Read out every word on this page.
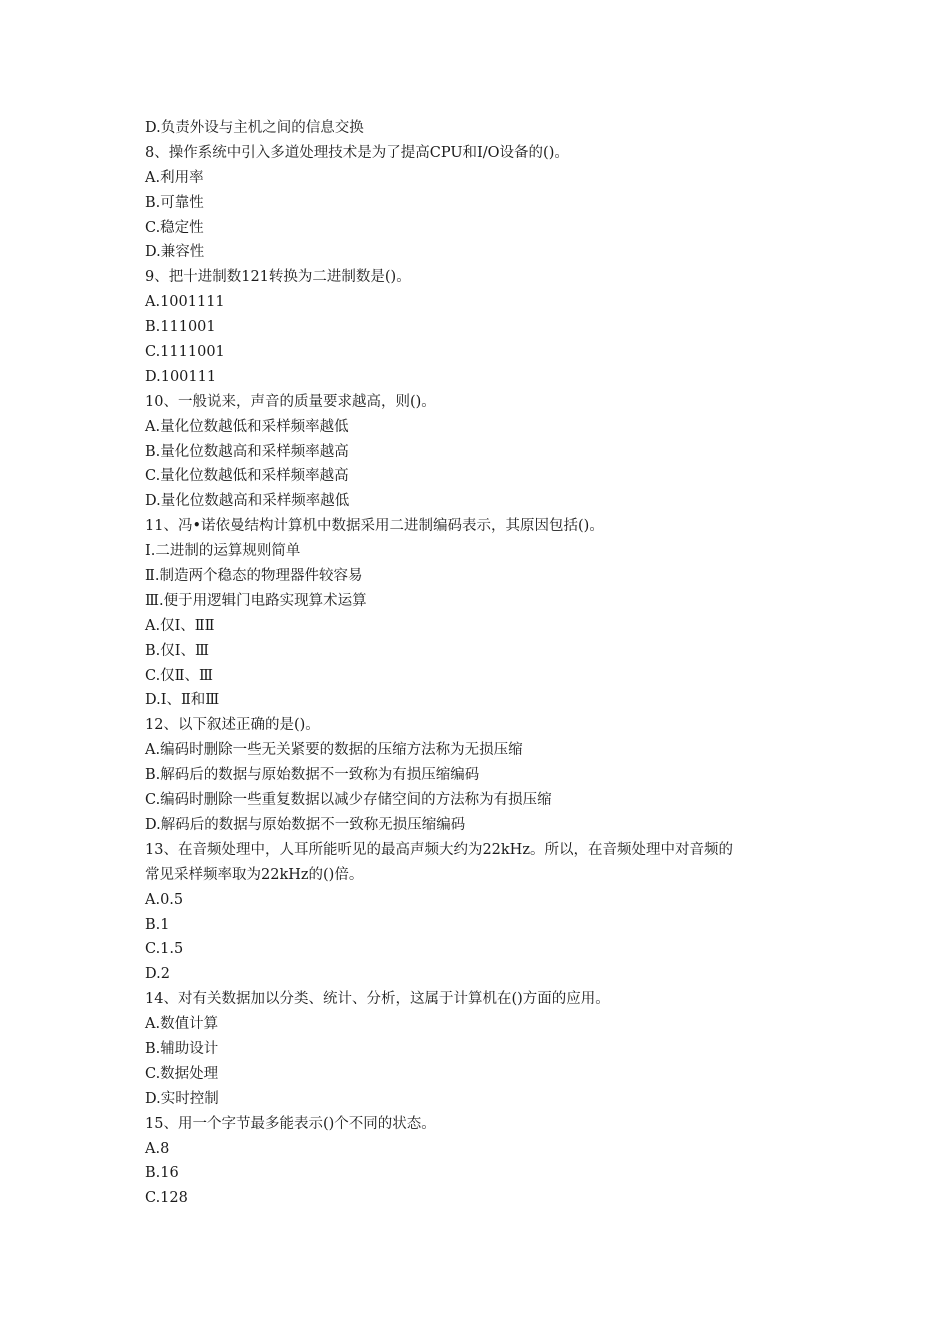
D.负责外设与主机之间的信息交换
8、操作系统中引入多道处理技术是为了提高CPU和I/O设备的()。
A.利用率
B.可靠性
C.稳定性
D.兼容性
9、把十进制数121转换为二进制数是()。
A.1001111
B.111001
C.1111001
D.100111
10、一般说来，声音的质量要求越高，则()。
A.量化位数越低和采样频率越低
B.量化位数越高和采样频率越高
C.量化位数越低和采样频率越高
D.量化位数越高和采样频率越低
11、冯•诺依曼结构计算机中数据采用二进制编码表示，其原因包括()。
I.二进制的运算规则简单
Ⅱ.制造两个稳态的物理器件较容易
Ⅲ.便于用逻辑门电路实现算术运算
A.仅I、ⅡⅡ
B.仅I、Ⅲ
C.仅Ⅱ、Ⅲ
D.I、Ⅱ和Ⅲ
12、以下叙述正确的是()。
A.编码时删除一些无关紧要的数据的压缩方法称为无损压缩
B.解码后的数据与原始数据不一致称为有损压缩编码
C.编码时删除一些重复数据以减少存储空间的方法称为有损压缩
D.解码后的数据与原始数据不一致称无损压缩编码
13、在音频处理中，人耳所能听见的最高声频大约为22kHz。所以，在音频处理中对音频的
常见采样频率取为22kHz的()倍。
A.0.5
B.1
C.1.5
D.2
14、对有关数据加以分类、统计、分析，这属于计算机在()方面的应用。
A.数值计算
B.辅助设计
C.数据处理
D.实时控制
15、用一个字节最多能表示()个不同的状态。
A.8
B.16
C.128
